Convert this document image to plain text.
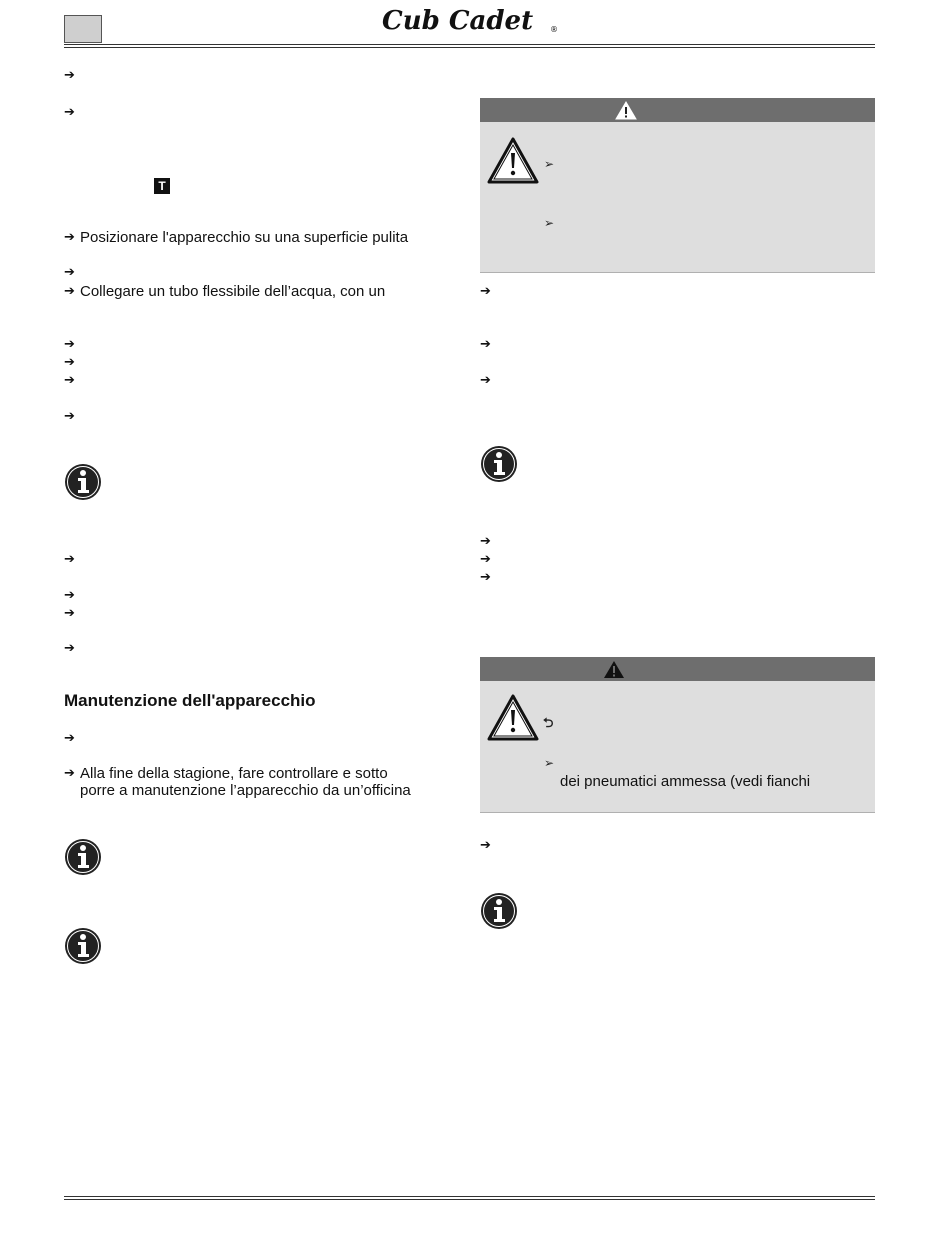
Cub Cadet ®
➔
➔
T
➔ Posizionare l'apparecchio su una superficie pulita
➔
➔ Collegare un tubo flessibile dell’acqua, con un
➔
➔
➔
➔
➔
➔
➔
➔
Manutenzione dell'apparecchio
➔
➔ Alla fine della stagione, fare controllare e sotto
porre a manutenzione l’apparecchio da un’officina
➢
➢
➔
➔
➔
➔
➔
➔
⮌
➢
dei pneumatici ammessa (vedi fianchi
➔
